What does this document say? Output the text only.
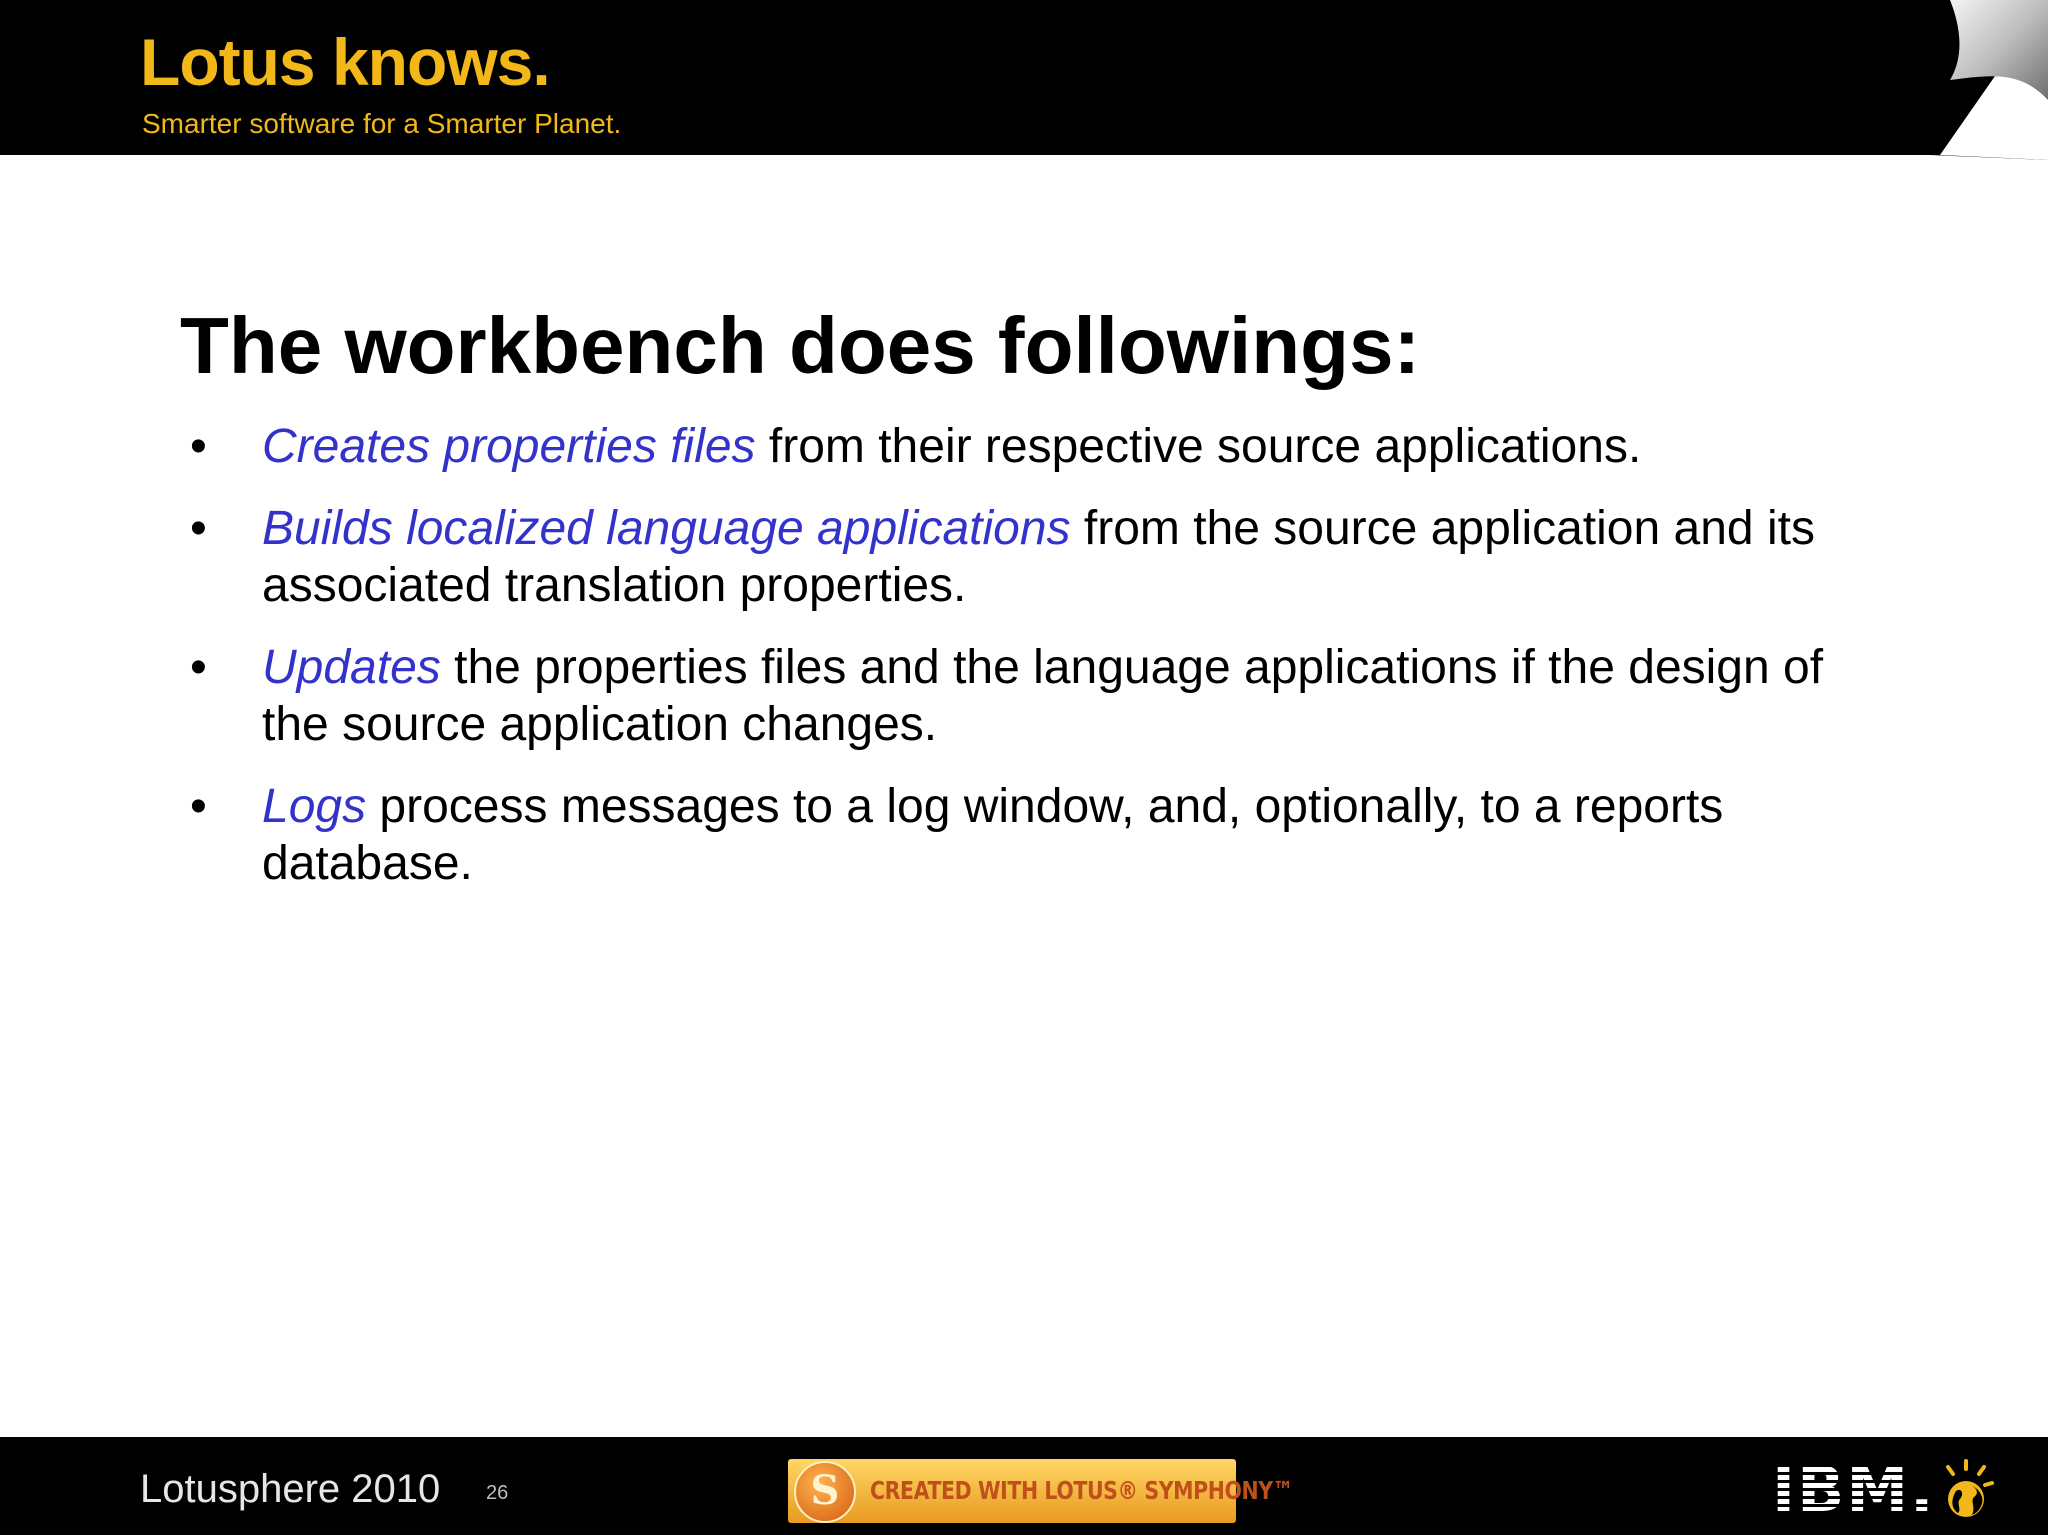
Lotus knows.
Smarter software for a Smarter Planet.
The workbench does followings:
• Creates properties files from their respective source applications.
• Builds localized language applications from the source application and its associated translation properties.
• Updates the properties files and the language applications if the design of the source application changes.
• Logs process messages to a log window, and, optionally, to a reports database.
Lotusphere 2010 26	S	CREATED WITH LOTUS® SYMPHONY™	IBM.
